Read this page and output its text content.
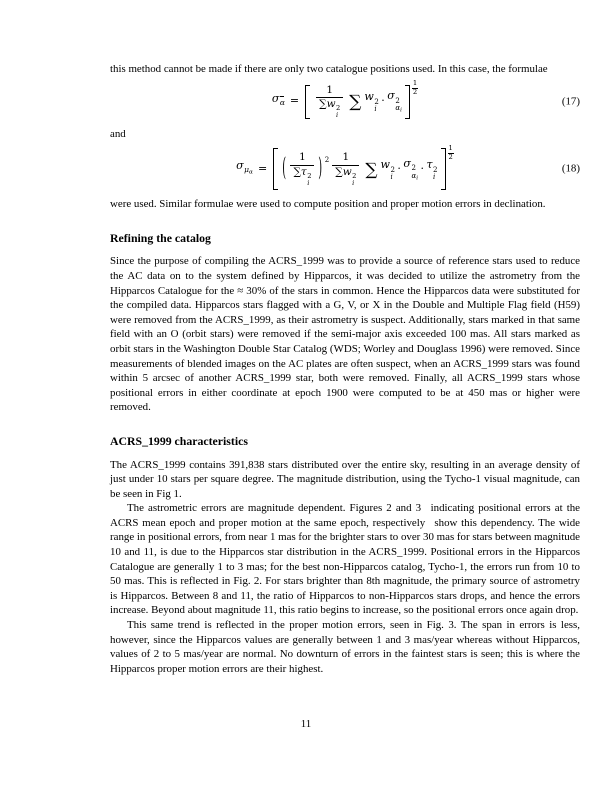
this method cannot be made if there are only two catalogue positions used. In this case, the formulae

$\sigma_\alpha = 1$
∑w 2
i ∑ w 2
i
· σ 2
αi
1
2
(17)

and

$\sigma_{\mu\alpha}$ = ( 1
∑τ 2
i ) 2 1
∑w 2
i ∑ w 2
i
· σ 2
αi
· τ 2
i
1
2
(18)

were used. Similar formulae were used to compute position and proper motion errors in declination.

Refining the catalog

Since the purpose of compiling the ACRS_1999 was to provide a source of reference stars used to reduce the AC data on to the system defined by Hipparcos, it was decided to utilize the astrometry from the Hipparcos Catalogue for the ≈ 30% of the stars in common. Hence the Hipparcos data were substituted for the compiled data. Hipparcos stars flagged with a G, V, or X in the Double and Multiple Flag field (H59) were removed from the ACRS_1999, as their astrometry is suspect. Additionally, stars marked in that same field with an O (orbit stars) were removed if the semi-major axis exceeded 100 mas. All stars marked as orbit stars in the Washington Double Star Catalog (WDS; Worley and Douglass 1996) were removed. Since measurements of blended images on the AC plates are often suspect, when an ACRS_1999 stars was found within 5 arcsec of another ACRS_1999 star, both were removed. Finally, all ACRS_1999 stars whose positional errors in either coordinate at epoch 1900 were computed to be at 450 mas or higher were removed.

ACRS_1999 characteristics

The ACRS_1999 contains 391,838 stars distributed over the entire sky, resulting in an average density of just under 10 stars per square degree. The magnitude distribution, using the Tycho-1 visual magnitude, can be seen in Fig 1.

The astrometric errors are magnitude dependent. Figures 2 and 3  indicating positional errors at the ACRS mean epoch and proper motion at the same epoch, respectively  show this dependency. The wide range in positional errors, from near 1 mas for the brighter stars to over 30 mas for stars between magnitude 10 and 11, is due to the Hipparcos star distribution in the ACRS_1999. Positional errors in the Hipparcos Catalogue are generally 1 to 3 mas; for the best non-Hipparcos catalog, Tycho-1, the errors run from 10 to 50 mas. This is reflected in Fig. 2. For stars brighter than 8th magnitude, the primary source of astrometry is Hipparcos. Between 8 and 11, the ratio of Hipparcos to non-Hipparcos stars drops, and hence the errors increase. Beyond about magnitude 11, this ratio begins to increase, so the positional errors once again drop.

This same trend is reflected in the proper motion errors, seen in Fig. 3. The span in errors is less, however, since the Hipparcos values are generally between 1 and 3 mas/year whereas without Hipparcos, values of 2 to 5 mas/year are normal. No downturn of errors in the faintest stars is seen; this is where the Hipparcos proper motion errors are their highest.

11
